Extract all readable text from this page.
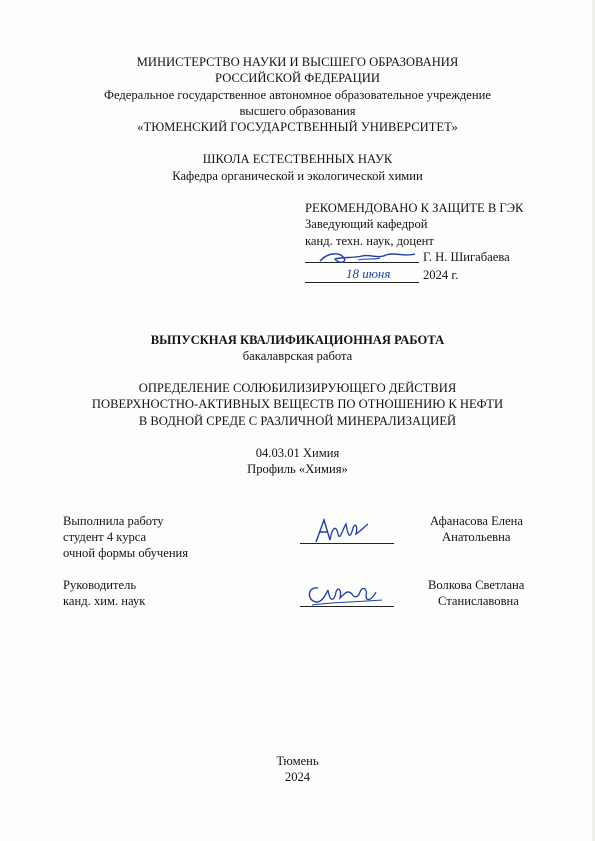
МИНИСТЕРСТВО НАУКИ И ВЫСШЕГО ОБРАЗОВАНИЯ
РОССИЙСКОЙ ФЕДЕРАЦИИ
Федеральное государственное автономное образовательное учреждение
высшего образования
«ТЮМЕНСКИЙ ГОСУДАРСТВЕННЫЙ УНИВЕРСИТЕТ»
ШКОЛА ЕСТЕСТВЕННЫХ НАУК
Кафедра органической и экологической химии
РЕКОМЕНДОВАНО К ЗАЩИТЕ В ГЭК
Заведующий кафедрой
канд. техн. наук, доцент
Г. Н. Шигабаева
18 июня	2024 г.
ВЫПУСКНАЯ КВАЛИФИКАЦИОННАЯ РАБОТА
бакалаврская работа
ОПРЕДЕЛЕНИЕ СОЛЮБИЛИЗИРУЮЩЕГО ДЕЙСТВИЯ
ПОВЕРХНОСТНО-АКТИВНЫХ ВЕЩЕСТВ ПО ОТНОШЕНИЮ К НЕФТИ
В ВОДНОЙ СРЕДЕ С РАЗЛИЧНОЙ МИНЕРАЛИЗАЦИЕЙ
04.03.01 Химия
Профиль «Химия»
Выполнила работу
студент 4 курса
очной формы обучения
Афанасова Елена
Анатольевна
Руководитель
канд. хим. наук
Волкова Светлана
Станиславовна
Тюмень
2024
